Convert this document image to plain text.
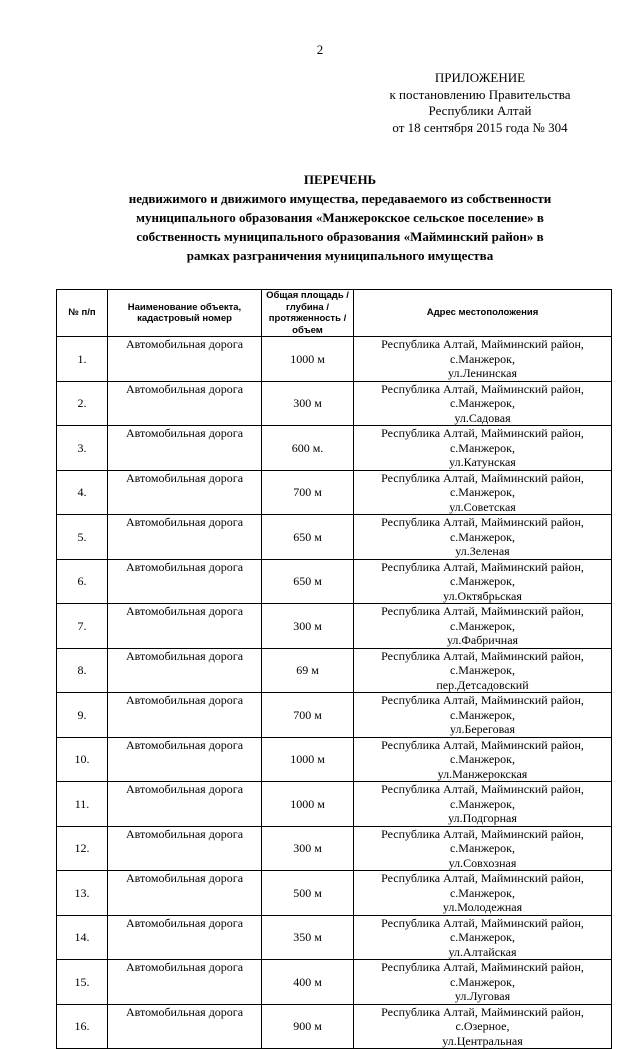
2
ПРИЛОЖЕНИЕ
к постановлению Правительства
Республики Алтай
от 18 сентября 2015 года № 304
ПЕРЕЧЕНЬ
недвижимого и движимого имущества, передаваемого из собственности
муниципального образования «Манжерокское сельское поселение» в
собственность муниципального образования «Майминский район» в
рамках разграничения муниципального имущества
№ п/п	Наименование объекта, кадастровый номер	Общая площадь / глубина / протяженность / объем	Адрес местоположения
1.	Автомобильная дорога	1000 м	Республика Алтай, Майминский район, с.Манжерок,
ул.Ленинская
2.	Автомобильная дорога	300 м	Республика Алтай, Майминский район, с.Манжерок,
ул.Садовая
3.	Автомобильная дорога	600 м.	Республика Алтай, Майминский район, с.Манжерок,
ул.Катунская
4.	Автомобильная дорога	700 м	Республика Алтай, Майминский район, с.Манжерок,
ул.Советская
5.	Автомобильная дорога	650 м	Республика Алтай, Майминский район, с.Манжерок,
ул.Зеленая
6.	Автомобильная дорога	650 м	Республика Алтай, Майминский район, с.Манжерок,
ул.Октябрьская
7.	Автомобильная дорога	300 м	Республика Алтай, Майминский район, с.Манжерок,
ул.Фабричная
8.	Автомобильная дорога	69 м	Республика Алтай, Майминский район, с.Манжерок,
пер.Детсадовский
9.	Автомобильная дорога	700 м	Республика Алтай, Майминский район, с.Манжерок,
ул.Береговая
10.	Автомобильная дорога	1000 м	Республика Алтай, Майминский район, с.Манжерок,
ул.Манжерокская
11.	Автомобильная дорога	1000 м	Республика Алтай, Майминский район, с.Манжерок,
ул.Подгорная
12.	Автомобильная дорога	300 м	Республика Алтай, Майминский район, с.Манжерок,
ул.Совхозная
13.	Автомобильная дорога	500 м	Республика Алтай, Майминский район, с.Манжерок,
ул.Молодежная
14.	Автомобильная дорога	350 м	Республика Алтай, Майминский район, с.Манжерок,
ул.Алтайская
15.	Автомобильная дорога	400 м	Республика Алтай, Майминский район, с.Манжерок,
ул.Луговая
16.	Автомобильная дорога	900 м	Республика Алтай, Майминский район, с.Озерное,
ул.Центральная
